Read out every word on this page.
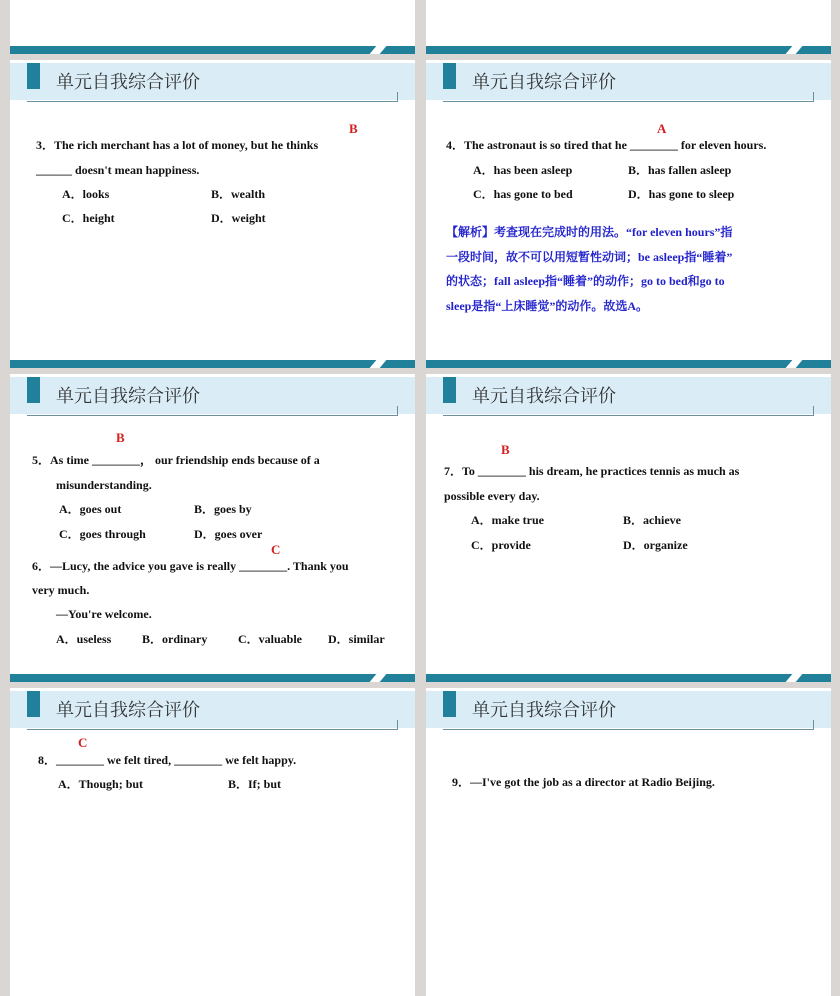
单元自我综合评价	单元自我综合评价
单元自我综合评价	单元自我综合评价
单元自我综合评价	单元自我综合评价
3．The rich merchant has a lot of money, but he thinks
B
______ doesn't mean happiness.
A．looks	B．wealth
C．height	D．weight
A
4．The astronaut is so tired that he ________ for eleven hours.
A．has been asleep	B．has fallen asleep
C．has gone to bed	D．has gone to sleep
【解析】考查现在完成时的用法。“for eleven hours”指
一段时间，故不可以用短暂性动词；be asleep指“睡着”
的状态；fall asleep指“睡着”的动作；go to bed和go to
sleep是指“上床睡觉”的动作。故选A。
B
5．As time ________， our friendship ends because of a
misunderstanding.
A．goes out	B．goes by
C．goes through	D．goes over
C
6．—Lucy, the advice you gave is really ________. Thank you
very much.
—You're welcome.
A．useless	B．ordinary	C．valuable D．similar
B
7．To ________ his dream, he practices tennis as much as
possible every day.
A．make true	B．achieve
C．provide	D．organize
C
8．________ we felt tired, ________ we felt happy.
A．Though; but	B．If; but	9．—I've got the job as a director at Radio Beijing.
